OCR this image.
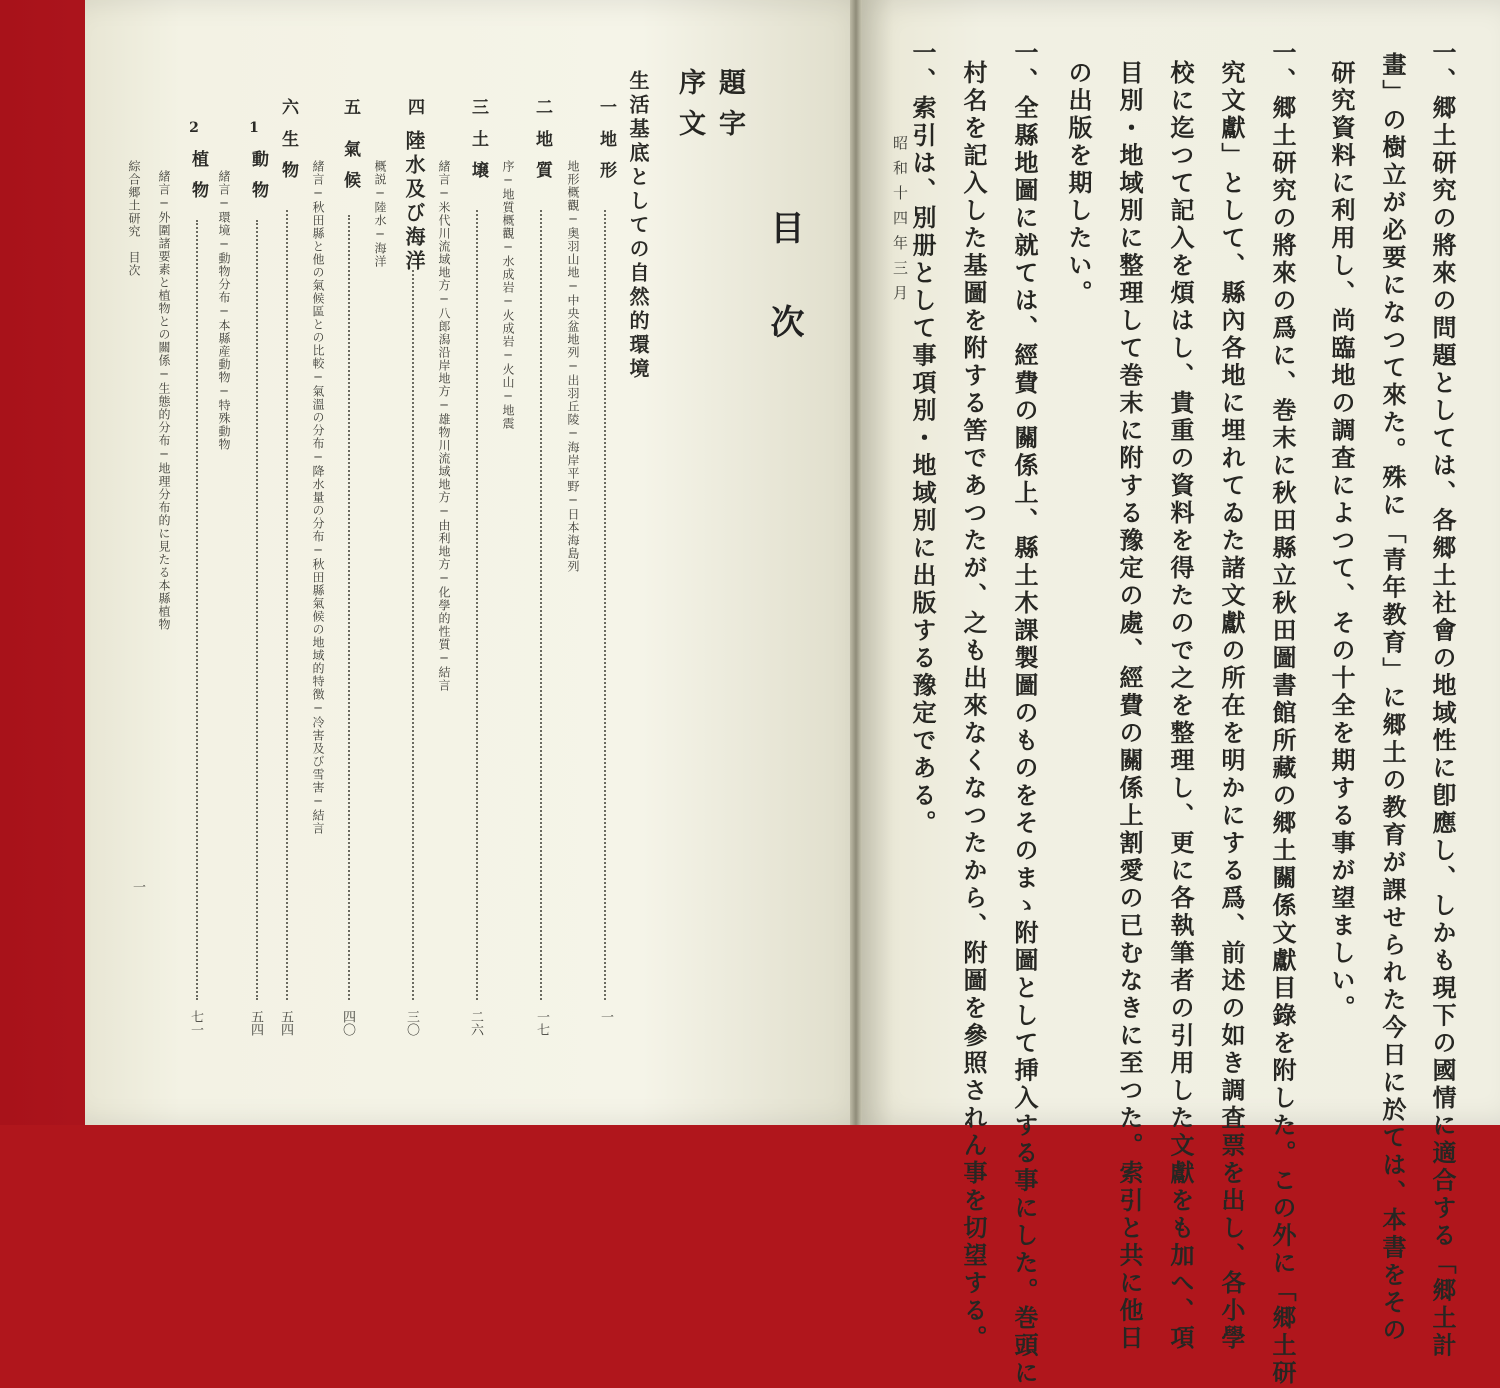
一、郷土研究の將來の問題としては、各郷土社會の地域性に卽應し、しかも現下の國情に適合する「郷土計
畫」の樹立が必要になつて來た。殊に「青年教育」に郷土の教育が課せられた今日に於ては、本書をその
研究資料に利用し、尚臨地の調査によつて、その十全を期する事が望ましい。
一、郷土研究の將來の爲に、巻末に秋田縣立秋田圖書館所藏の郷土關係文獻目錄を附した。この外に「郷土研
究文獻」として、縣內各地に埋れてゐた諸文獻の所在を明かにする爲、前述の如き調査票を出し、各小學
校に迄つて記入を煩はし、貴重の資料を得たので之を整理し、更に各執筆者の引用した文獻をも加へ、項
目別・地域別に整理して巻末に附する豫定の處、經費の關係上割愛の已むなきに至つた。索引と共に他日
の出版を期したい。
一、全縣地圖に就ては、經費の關係上、縣土木課製圖のものをそのまゝ附圖として挿入する事にした。巻頭に
村名を記入した基圖を附する筈であつたが、之も出來なくなつたから、附圖を參照されん事を切望する。
一、索引は、別册として事項別・地域別に出版する豫定である。
昭和十四年三月
目次
題字
序文
生活基底としての自然的環境
一
地形
一
地形概觀─奥羽山地─中央盆地列─出羽丘陵─海岸平野─日本海島列
二
地質
一七
序─地質概觀─水成岩─火成岩─火山─地震
三
土壌
二六
緒言─米代川流域地方─八郎潟沿岸地方─雄物川流域地方─由利地方─化學的性質─結言
四
陸水及び海洋
三〇
概説─陸水─海洋
五
氣候
四〇
緒言─秋田縣と他の氣候區との比較─氣溫の分布─降水量の分布─秋田縣氣候の地域的特徴─冷害及び雪害─結言
六
生物
五四
1
動物
五四
緒言─環境─動物分布─本縣産動物─特殊動物
2
植物
七一
緒言─外圍諸要素と植物との關係─生態的分布─地理分布的に見たる本縣植物
綜合郷土研究　目次
一
